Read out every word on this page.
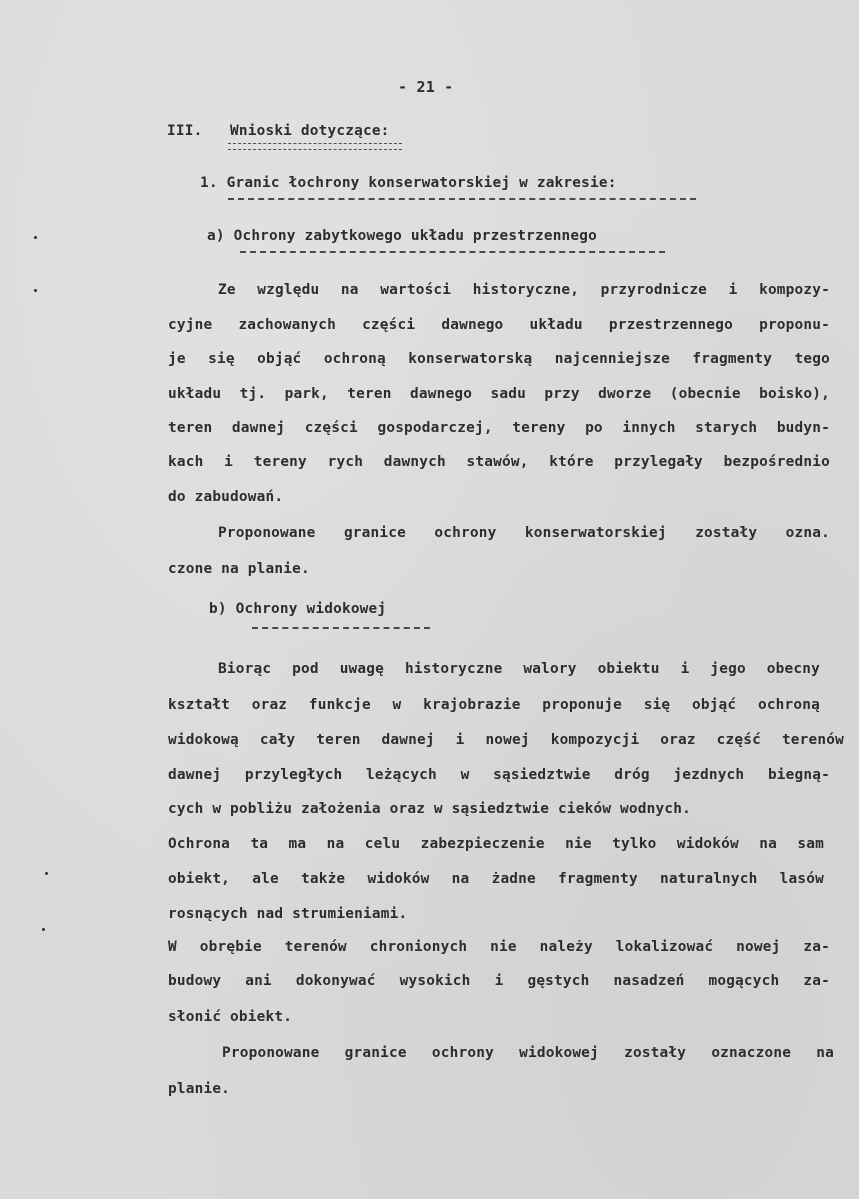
- 21 -
III. Wnioski dotyczące:
1. Granic łochrony konserwatorskiej w zakresie:
a) Ochrony zabytkowego układu przestrzennego
Ze względu na wartości historyczne, przyrodnicze i kompozy-
cyjne zachowanych części dawnego układu przestrzennego proponu-
je się objąć ochroną konserwatorską najcenniejsze fragmenty tego
układu tj. park, teren dawnego sadu przy dworze (obecnie boisko),
teren dawnej części gospodarczej, tereny po innych starych budyn-
kach i tereny rych dawnych stawów, które przylegały bezpośrednio
do zabudowań.
Proponowane granice ochrony konserwatorskiej zostały ozna.
czone na planie.
b) Ochrony widokowej
Biorąc pod uwagę historyczne walory obiektu i jego obecny
kształt oraz funkcje w krajobrazie proponuje się objąć ochroną
widokową cały teren dawnej i nowej kompozycji oraz część terenów
dawnej przyległych leżących w sąsiedztwie dróg jezdnych biegną-
cych w pobliżu założenia oraz w sąsiedztwie cieków wodnych.
Ochrona ta ma na celu zabezpieczenie nie tylko widoków na sam
obiekt, ale także widoków na żadne fragmenty naturalnych lasów
rosnących nad strumieniami.
W obrębie terenów chronionych nie należy lokalizować nowej za-
budowy ani dokonywać wysokich i gęstych nasadzeń mogących za-
słonić obiekt.
Proponowane granice ochrony widokowej zostały oznaczone na
planie.
